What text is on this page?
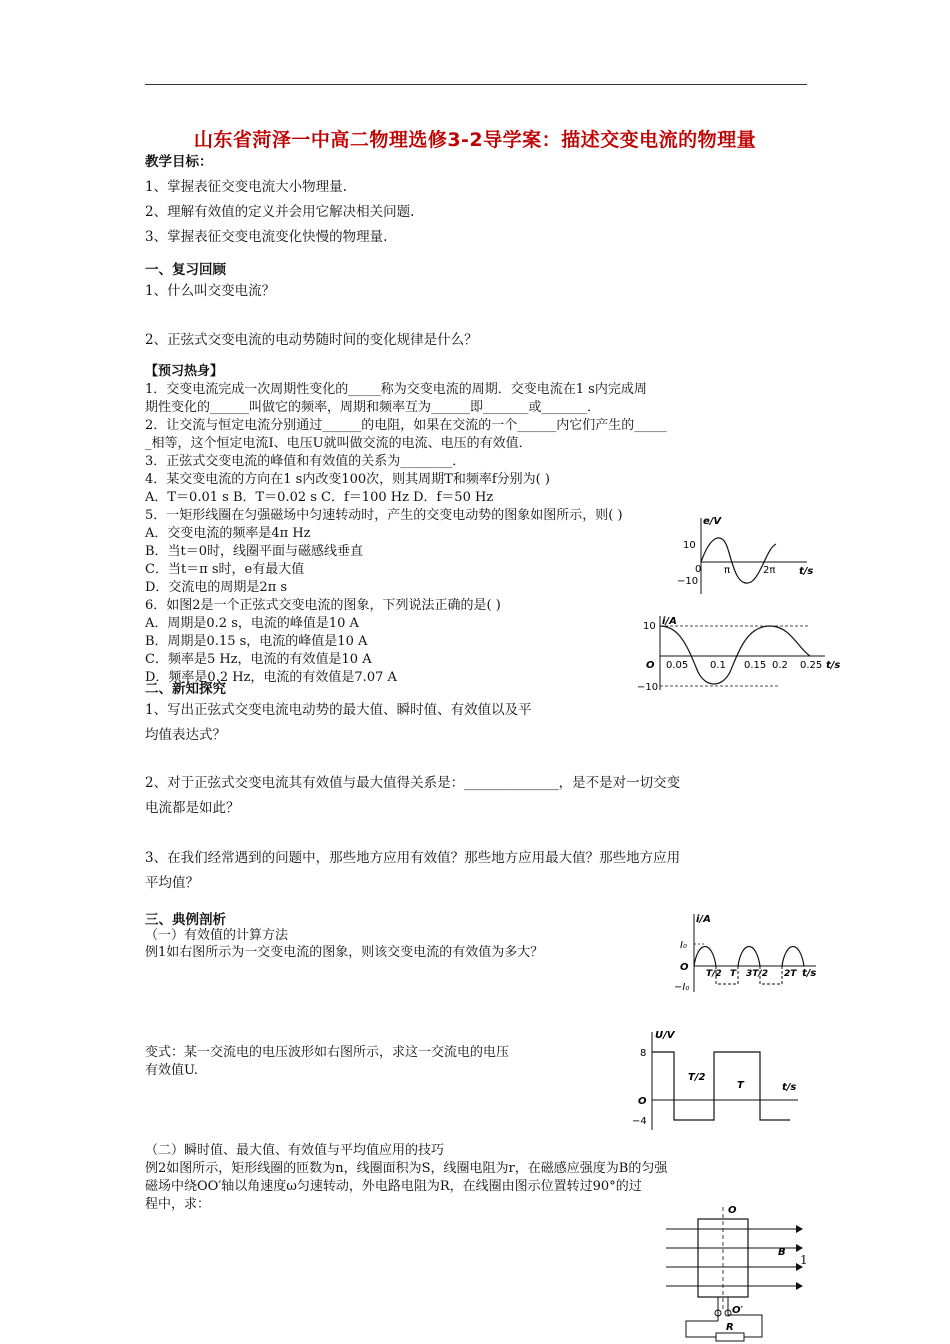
山东省菏泽一中高二物理选修3-2导学案：描述交变电流的物理量
教学目标：
1、掌握表征交变电流大小物理量.
2、理解有效值的定义并会用它解决相关问题.
3、掌握表征交变电流变化快慢的物理量.
一、复习回顾
1、什么叫交变电流？
2、正弦式交变电流的电动势随时间的变化规律是什么？
【预习热身】
1．交变电流完成一次周期性变化的_____称为交变电流的周期．交变电流在1 s内完成周
期性变化的______叫做它的频率，周期和频率互为______即_______或_______．
2．让交流与恒定电流分别通过______的电阻，如果在交流的一个______内它们产生的_____
_相等，这个恒定电流I、电压U就叫做交流的电流、电压的有效值．
3．正弦式交变电流的峰值和有效值的关系为________．
4．某交变电流的方向在1 s内改变100次，则其周期T和频率f分别为( )
A．T＝0.01 s B．T＝0.02 s C．f＝100 Hz D．f＝50 Hz
5．一矩形线圈在匀强磁场中匀速转动时，产生的交变电动势的图象如图所示，则( )
A．交变电流的频率是4π Hz
B．当t＝0时，线圈平面与磁感线垂直
C．当t＝π s时，e有最大值
D．交流电的周期是2π s
6．如图2是一个正弦式交变电流的图象，下列说法正确的是( )
A．周期是0.2 s，电流的峰值是10 A
B．周期是0.15 s，电流的峰值是10 A
C．频率是5 Hz，电流的有效值是10 A
D．频率是0.2 Hz，电流的有效值是7.07 A
二、新知探究
1、写出正弦式交变电流电动势的最大值、瞬时值、有效值以及平
均值表达式？
2、对于正弦式交变电流其有效值与最大值得关系是：______________，是不是对一切交变
电流都是如此？
3、在我们经常遇到的问题中，那些地方应用有效值？那些地方应用最大值？那些地方应用
平均值？
三、典例剖析
（一）有效值的计算方法
例1如右图所示为一交变电流的图象，则该交变电流的有效值为多大？
变式：某一交流电的电压波形如右图所示，求这一交流电的电压
有效值U.
（二）瞬时值、最大值、有效值与平均值应用的技巧
例2如图所示，矩形线圈的匝数为n，线圈面积为S，线圈电阻为r，在磁感应强度为B的匀强
磁场中绕OO′轴以角速度ω匀速转动，外电路电阻为R，在线圈由图示位置转过90°的过
程中，求：
e/V
10
0
−10
π	2π t/s
i/A
10
O
−10
0.05 0.1 0.15 0.2 0.25 t/s
i/A
I₀
O
−I₀
T/2 T 3T/2 2T t/s
U/V
8
O
−4
T/2
T	t/s
O
O′
B
R
1
